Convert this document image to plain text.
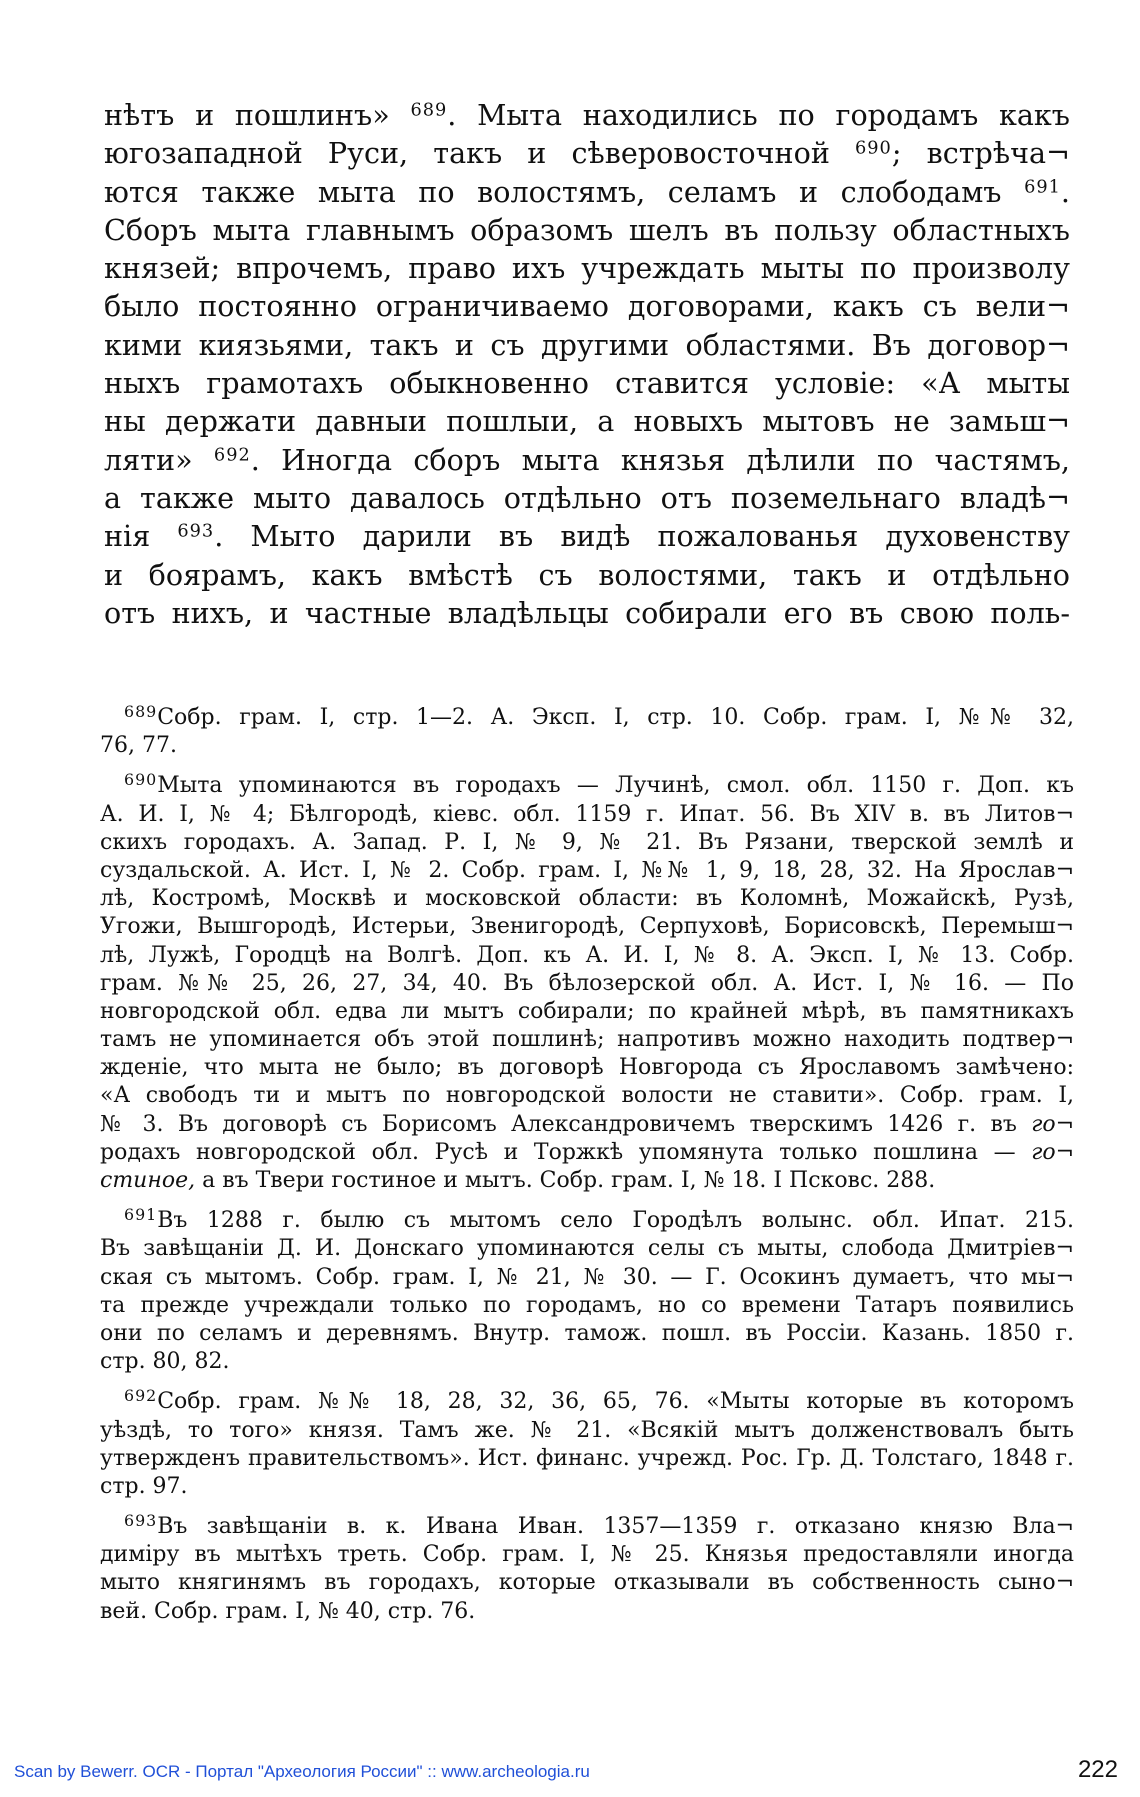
нѣтъ и пошлинъ» $^{689}$. Мыта находились по городамъ какъ
югозападной Руси, такъ и сѣверовосточной $^{690}$; встрѣча¬
ются также мыта по волостямъ, селамъ и слободамъ $^{691}$.
Сборъ мыта главнымъ образомъ шелъ въ пользу областныхъ
князей; впрочемъ, право ихъ учреждать мыты по произволу
было постоянно ограничиваемо договорами, какъ съ вели¬
кими киязьями, такъ и съ другими областями. Въ договор¬
ныхъ грамотахъ обыкновенно ставится условіе: «А мыты
ны держати давныи пошлыи, а новыхъ мытовъ не замьш¬
ляти» $^{692}$. Иногда сборъ мыта князья дѣлили по частямъ,
а также мыто давалось отдѣльно отъ поземельнаго владѣ¬
нія $^{693}$. Мыто дарили въ видѣ пожалованья духовенству
и боярамъ, какъ вмѣстѣ съ волостями, такъ и отдѣльно
отъ нихъ, и частные владѣльцы собирали его въ свою поль-
$^{689}$Собр. грам. I, стр. 1—2. А. Эксп. I, стр. 10. Собр. грам. I, №№ 32,
76, 77.
$^{690}$Мыта упоминаются въ городахъ — Лучинѣ, смол. обл. 1150 г. Доп. къ
А. И. I, № 4; Бѣлгородѣ, кіевс. обл. 1159 г. Ипат. 56. Въ XIV в. въ Литов¬
скихъ городахъ. А. Запад. Р. I, № 9, № 21. Въ Рязани, тверской землѣ и
суздальской. А. Ист. I, № 2. Собр. грам. I, №№ 1, 9, 18, 28, 32. На Ярослав¬
лѣ, Костромѣ, Москвѣ и московской области: въ Коломнѣ, Можайскѣ, Рузѣ,
Угожи, Вышгородѣ, Истерьи, Звенигородѣ, Серпуховѣ, Борисовскѣ, Перемыш¬
лѣ, Лужѣ, Городцѣ на Волгѣ. Доп. къ А. И. I, № 8. А. Эксп. I, № 13. Собр.
грам. №№ 25, 26, 27, 34, 40. Въ бѣлозерской обл. А. Ист. I, № 16. — По
новгородской обл. едва ли мытъ собирали; по крайней мѣрѣ, въ памятникахъ
тамъ не упоминается объ этой пошлинѣ; напротивъ можно находить подтвер¬
жденіе, что мыта не было; въ договорѣ Новгорода съ Ярославомъ замѣчено:
«А свободъ ти и мытъ по новгородской волости не ставити». Собр. грам. I,
№ 3. Въ договорѣ съ Борисомъ Александровичемъ тверскимъ 1426 г. въ го¬
родахъ новгородской обл. Русѣ и Торжкѣ упомянута только пошлина — го¬
стиное, а въ Твери гостиное и мытъ. Собр. грам. I, № 18. I Псковс. 288.
$^{691}$Въ 1288 г. былю съ мытомъ село Городѣлъ волынс. обл. Ипат. 215.
Въ завѣщаніи Д. И. Донскаго упоминаются селы съ мыты, слобода Дмитріев¬
ская съ мытомъ. Собр. грам. I, № 21, № 30. — Г. Осокинъ думаетъ, что мы¬
та прежде учреждали только по городамъ, но со времени Татаръ появились
они по селамъ и деревнямъ. Внутр. тамож. пошл. въ Россіи. Казань. 1850 г.
стр. 80, 82.
$^{692}$Собр. грам. №№ 18, 28, 32, 36, 65, 76. «Мыты которые въ которомъ
уѣздѣ, то того» князя. Тамъ же. № 21. «Всякій мытъ долженствовалъ быть
утвержденъ правительствомъ». Ист. финанс. учрежд. Рос. Гр. Д. Толстаго, 1848 г.
стр. 97.
$^{693}$Въ завѣщаніи в. к. Ивана Иван. 1357—1359 г. отказано князю Вла¬
диміру въ мытѣхъ треть. Собр. грам. I, № 25. Князья предоставляли иногда
мыто княгинямъ въ городахъ, которые отказывали въ собственность сыно¬
вей. Собр. грам. I, № 40, стр. 76.
Scan by Bewerr. OCR - Портал "Археология России" :: www.archeologia.ru	222
